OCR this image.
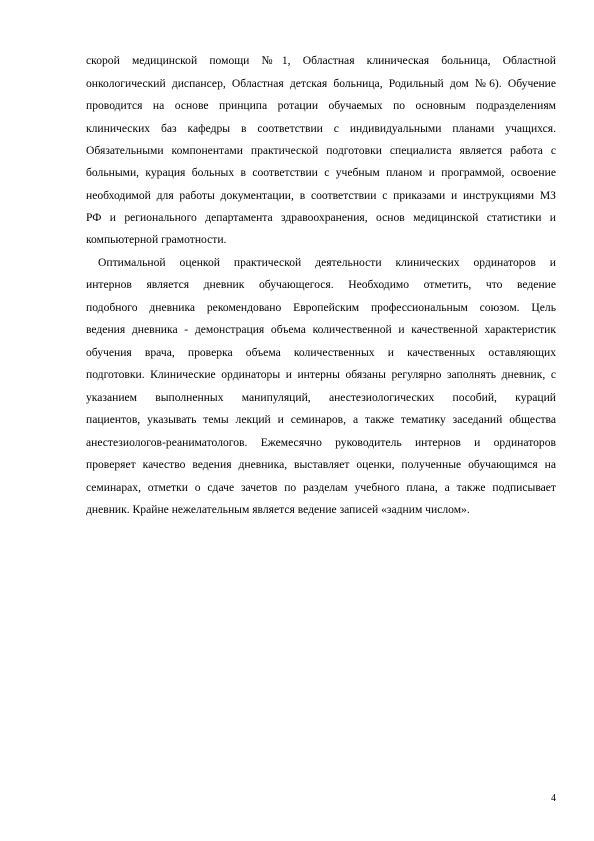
скорой медицинской помощи №1, Областная клиническая больница, Областной
онкологический диспансер, Областная детская больница, Родильный дом №6). Обучение
проводится на основе принципа ротации обучаемых по основным подразделениям
клинических баз кафедры в соответствии с индивидуальными планами учащихся.
Обязательными компонентами практической подготовки специалиста является работа с
больными, курация больных в соответствии с учебным планом и программой, освоение
необходимой для работы документации, в соответствии с приказами и инструкциями МЗ
РФ и регионального департамента здравоохранения, основ медицинской статистики и
компьютерной грамотности.
Оптимальной оценкой практической деятельности клинических ординаторов и
интернов является дневник обучающегося. Необходимо отметить, что ведение
подобного дневника рекомендовано Европейским профессиональным союзом. Цель
ведения дневника - демонстрация объема количественной и качественной характеристик
обучения врача, проверка объема количественных и качественных оставляющих
подготовки. Клинические ординаторы и интерны обязаны регулярно заполнять дневник, с
указанием выполненных манипуляций, анестезиологических пособий, кураций
пациентов, указывать темы лекций и семинаров, а также тематику заседаний общества
анестезиологов-реаниматологов. Ежемесячно руководитель интернов и ординаторов
проверяет качество ведения дневника, выставляет оценки, полученные обучающимся на
семинарах, отметки о сдаче зачетов по разделам учебного плана, а также подписывает
дневник. Крайне нежелательным является ведение записей «задним числом».
4
